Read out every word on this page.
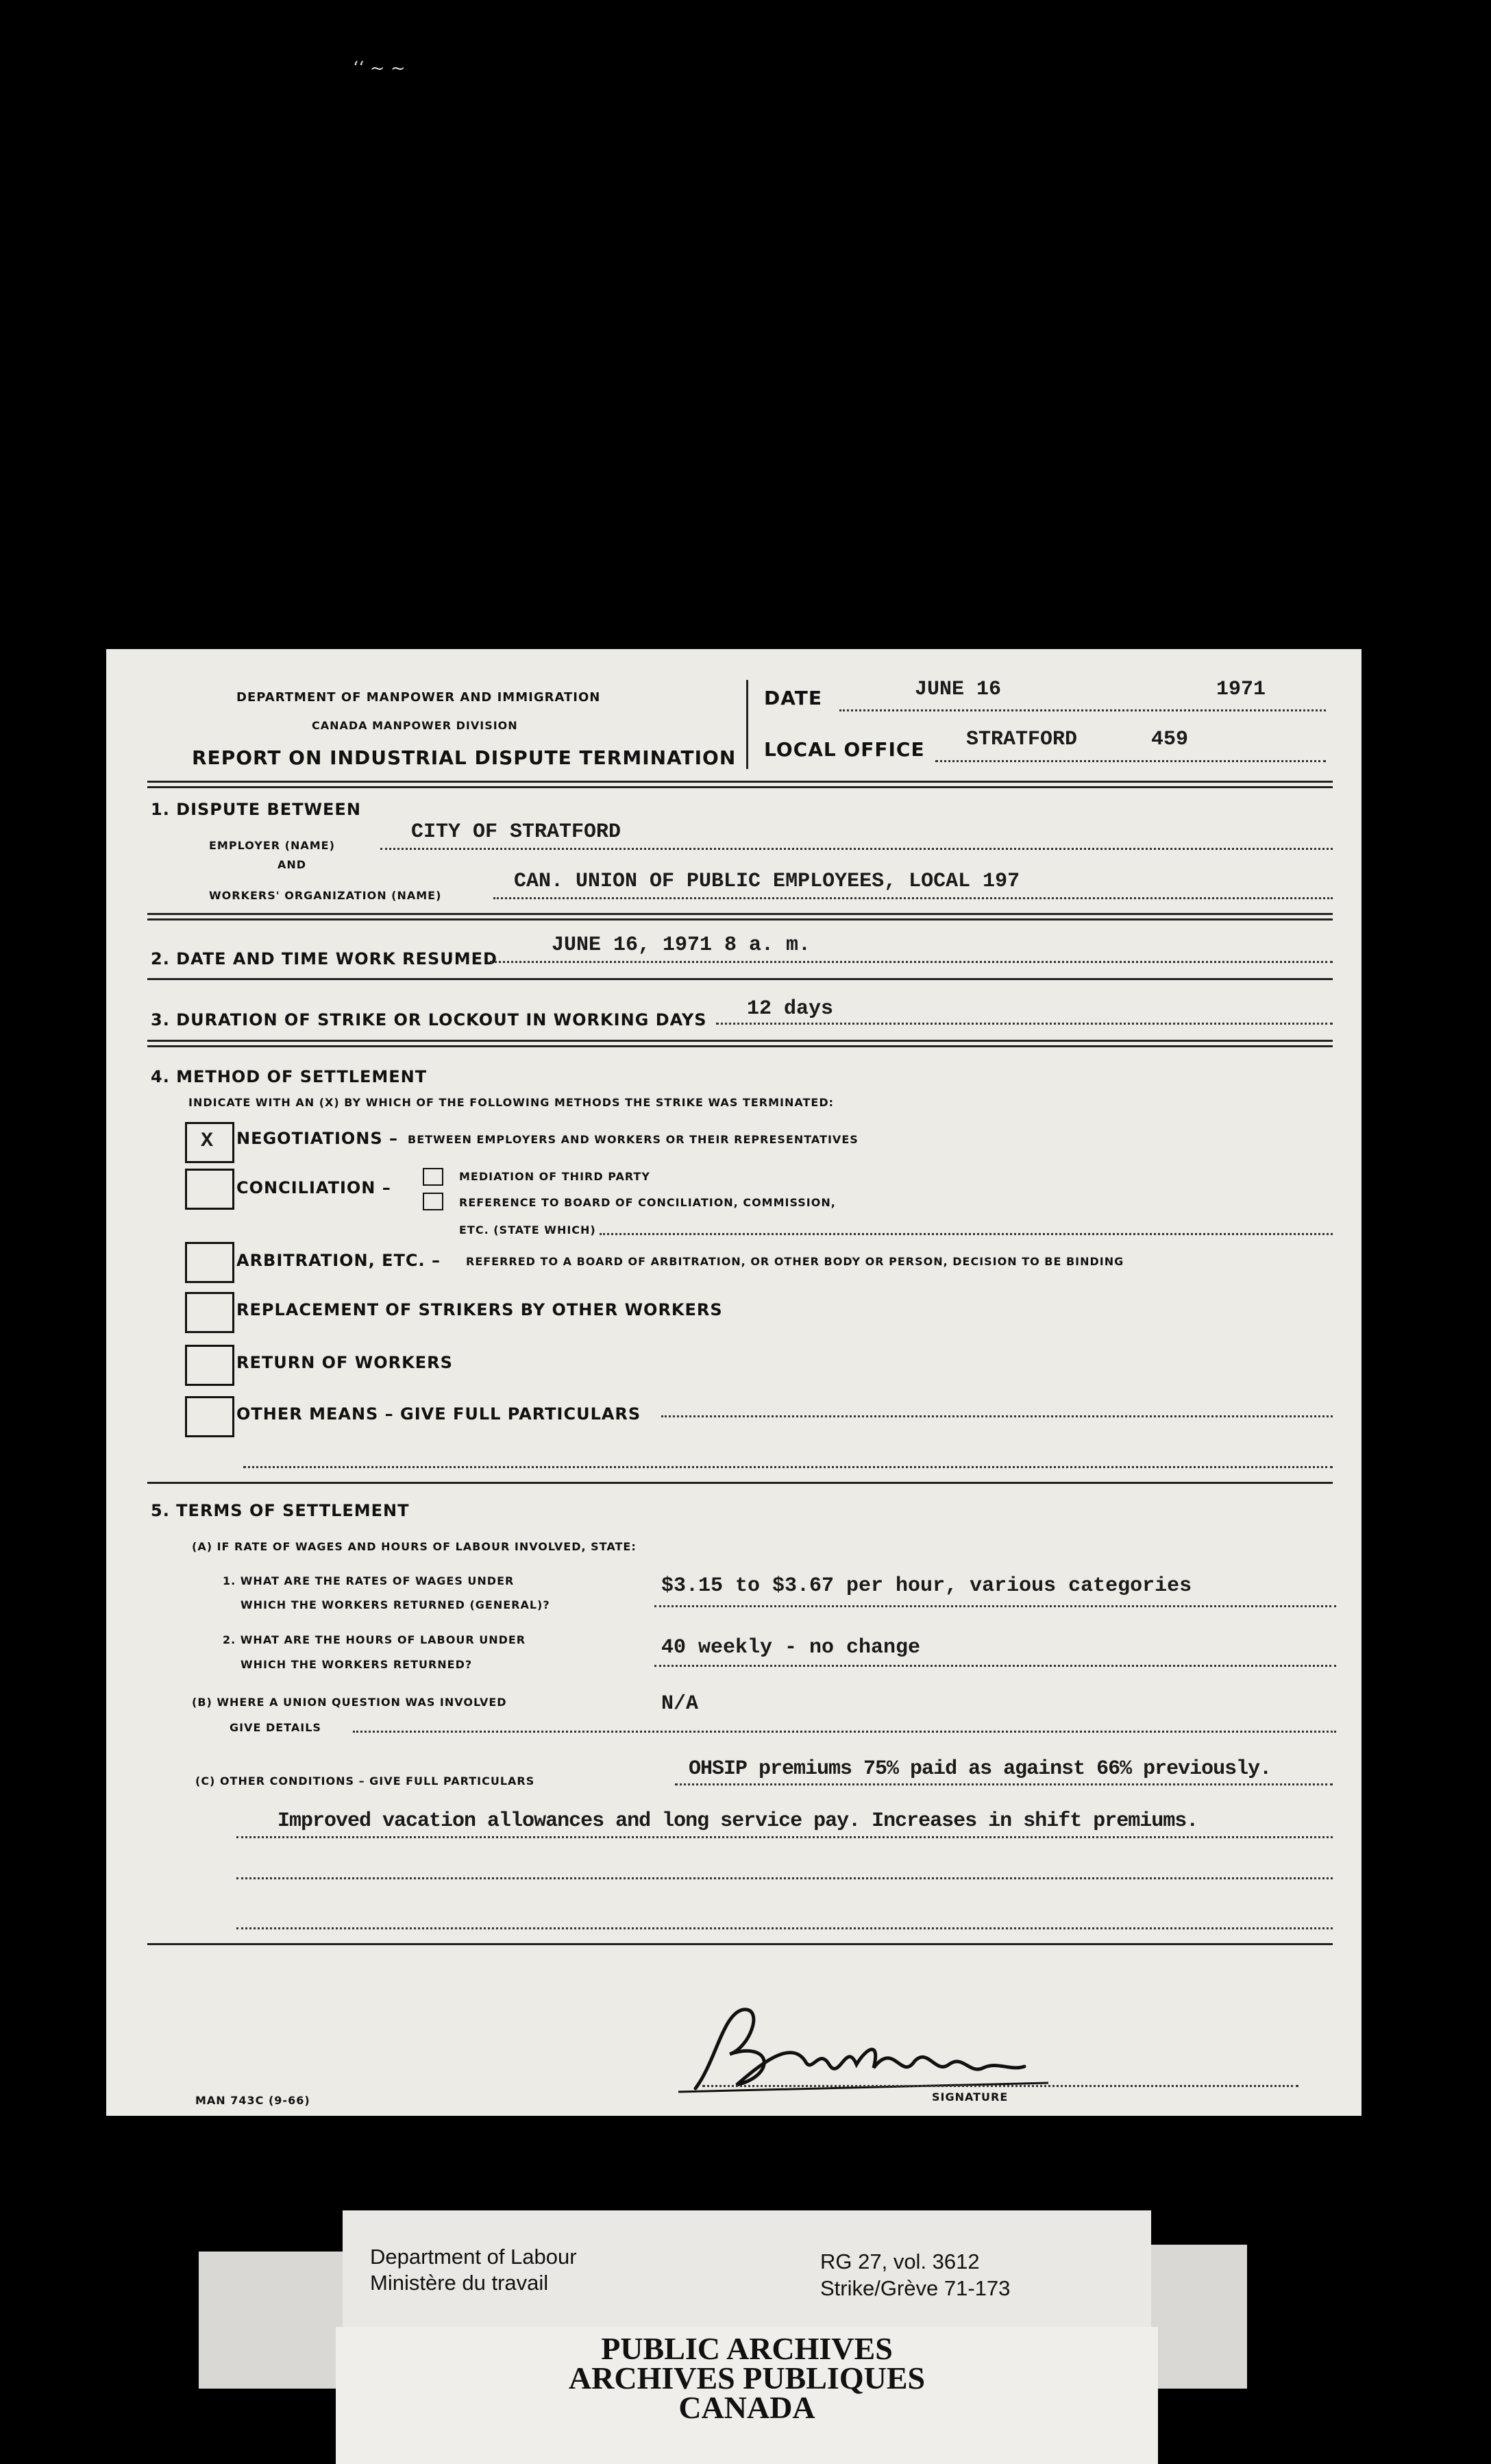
ʻʻ ~ ~
DEPARTMENT OF MANPOWER AND IMMIGRATION
CANADA MANPOWER DIVISION
REPORT ON INDUSTRIAL DISPUTE TERMINATION
DATE	JUNE 16	1971
LOCAL OFFICE STRATFORD	459
1. DISPUTE BETWEEN
EMPLOYER (NAME)
CITY OF STRATFORD
AND
WORKERS' ORGANIZATION (NAME)
CAN. UNION OF PUBLIC EMPLOYEES, LOCAL 197
2. DATE AND TIME WORK RESUMED
JUNE 16, 1971 8 a. m.
3. DURATION OF STRIKE OR LOCKOUT IN WORKING DAYS 12 days
4. METHOD OF SETTLEMENT
INDICATE WITH AN (X) BY WHICH OF THE FOLLOWING METHODS THE STRIKE WAS TERMINATED:
X NEGOTIATIONS – BETWEEN EMPLOYERS AND WORKERS OR THEIR REPRESENTATIVES
CONCILIATION –
MEDIATION OF THIRD PARTY
REFERENCE TO BOARD OF CONCILIATION, COMMISSION,
ETC. (STATE WHICH)
ARBITRATION, ETC. – REFERRED TO A BOARD OF ARBITRATION, OR OTHER BODY OR PERSON, DECISION TO BE BINDING
REPLACEMENT OF STRIKERS BY OTHER WORKERS
RETURN OF WORKERS
OTHER MEANS – GIVE FULL PARTICULARS
5. TERMS OF SETTLEMENT
(A) IF RATE OF WAGES AND HOURS OF LABOUR INVOLVED, STATE:
1. WHAT ARE THE RATES OF WAGES UNDER
WHICH THE WORKERS RETURNED (GENERAL)?
$3.15 to $3.67 per hour, various categories
2. WHAT ARE THE HOURS OF LABOUR UNDER
WHICH THE WORKERS RETURNED?
40 weekly - no change
(B) WHERE A UNION QUESTION WAS INVOLVED
GIVE DETAILS
N/A
(C) OTHER CONDITIONS – GIVE FULL PARTICULARS
OHSIP premiums 75% paid as against 66% previously.
Improved vacation allowances and long service pay. Increases in shift premiums.
SIGNATURE
MAN 743C (9-66)
Department of Labour
Ministère du travail
RG 27, vol. 3612
Strike/Grève 71-173
PUBLIC ARCHIVES
ARCHIVES PUBLIQUES
CANADA
